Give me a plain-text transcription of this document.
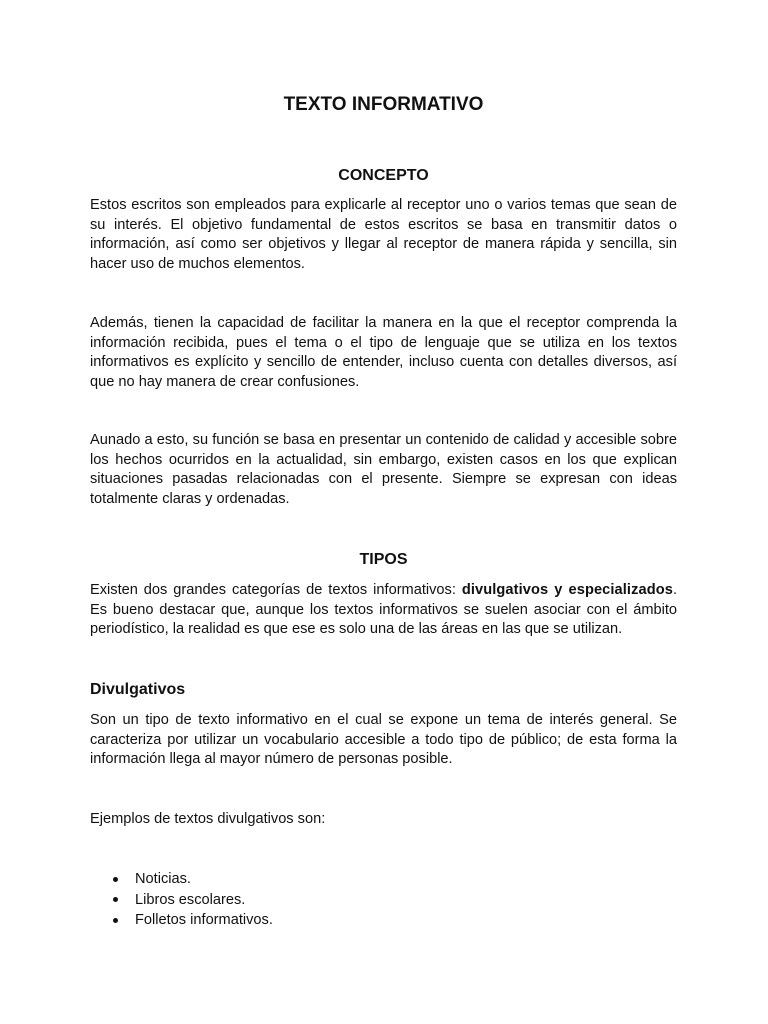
TEXTO INFORMATIVO
CONCEPTO

Estos escritos son empleados para explicarle al receptor uno o varios temas que sean de su interés. El objetivo fundamental de estos escritos se basa en transmitir datos o información, así como ser objetivos y llegar al receptor de manera rápida y sencilla, sin hacer uso de muchos elementos.

Además, tienen la capacidad de facilitar la manera en la que el receptor comprenda la información recibida, pues el tema o el tipo de lenguaje que se utiliza en los textos informativos es explícito y sencillo de entender, incluso cuenta con detalles diversos, así que no hay manera de crear confusiones.

Aunado a esto, su función se basa en presentar un contenido de calidad y accesible sobre los hechos ocurridos en la actualidad, sin embargo, existen casos en los que explican situaciones pasadas relacionadas con el presente. Siempre se expresan con ideas totalmente claras y ordenadas.

TIPOS

Existen dos grandes categorías de textos informativos: divulgativos y especializados. Es bueno destacar que, aunque los textos informativos se suelen asociar con el ámbito periodístico, la realidad es que ese es solo una de las áreas en las que se utilizan.

Divulgativos

Son un tipo de texto informativo en el cual se expone un tema de interés general. Se caracteriza por utilizar un vocabulario accesible a todo tipo de público; de esta forma la información llega al mayor número de personas posible.

Ejemplos de textos divulgativos son:

Noticias.
Libros escolares.
Folletos informativos.
